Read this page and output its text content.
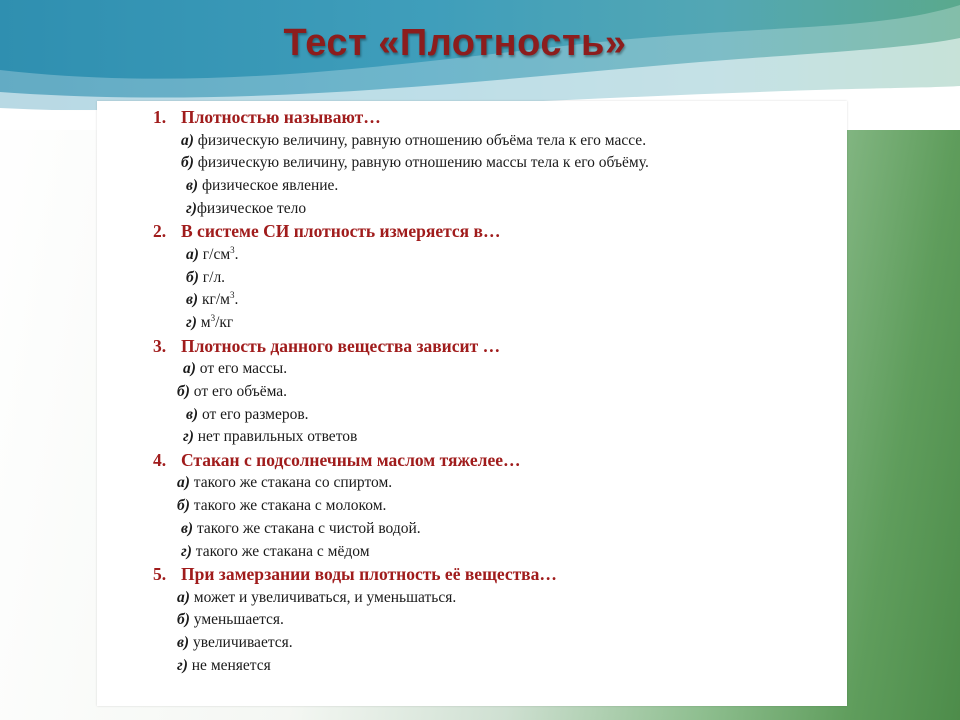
Тест «Плотность»
1. Плотностью называют…
а) физическую величину, равную отношению объёма тела к его массе.
б) физическую величину, равную отношению массы тела к его объёму.
в) физическое явление.
г)физическое тело
2. В системе СИ плотность измеряется в…
а) $г/см^3$.
б) г/л.
в) $кг/м^3$.
г) $м^3/кг$
3. Плотность данного вещества зависит …
а) от его массы.
б) от его объёма.
в) от его размеров.
г) нет правильных ответов
4. Стакан с подсолнечным маслом тяжелее…
а) такого же стакана со спиртом.
б) такого же стакана с молоком.
в) такого же стакана с чистой водой.
г) такого же стакана с мёдом
5. При замерзании воды плотность её вещества…
а) может и увеличиваться, и уменьшаться.
б) уменьшается.
в) увеличивается.
г) не меняется
